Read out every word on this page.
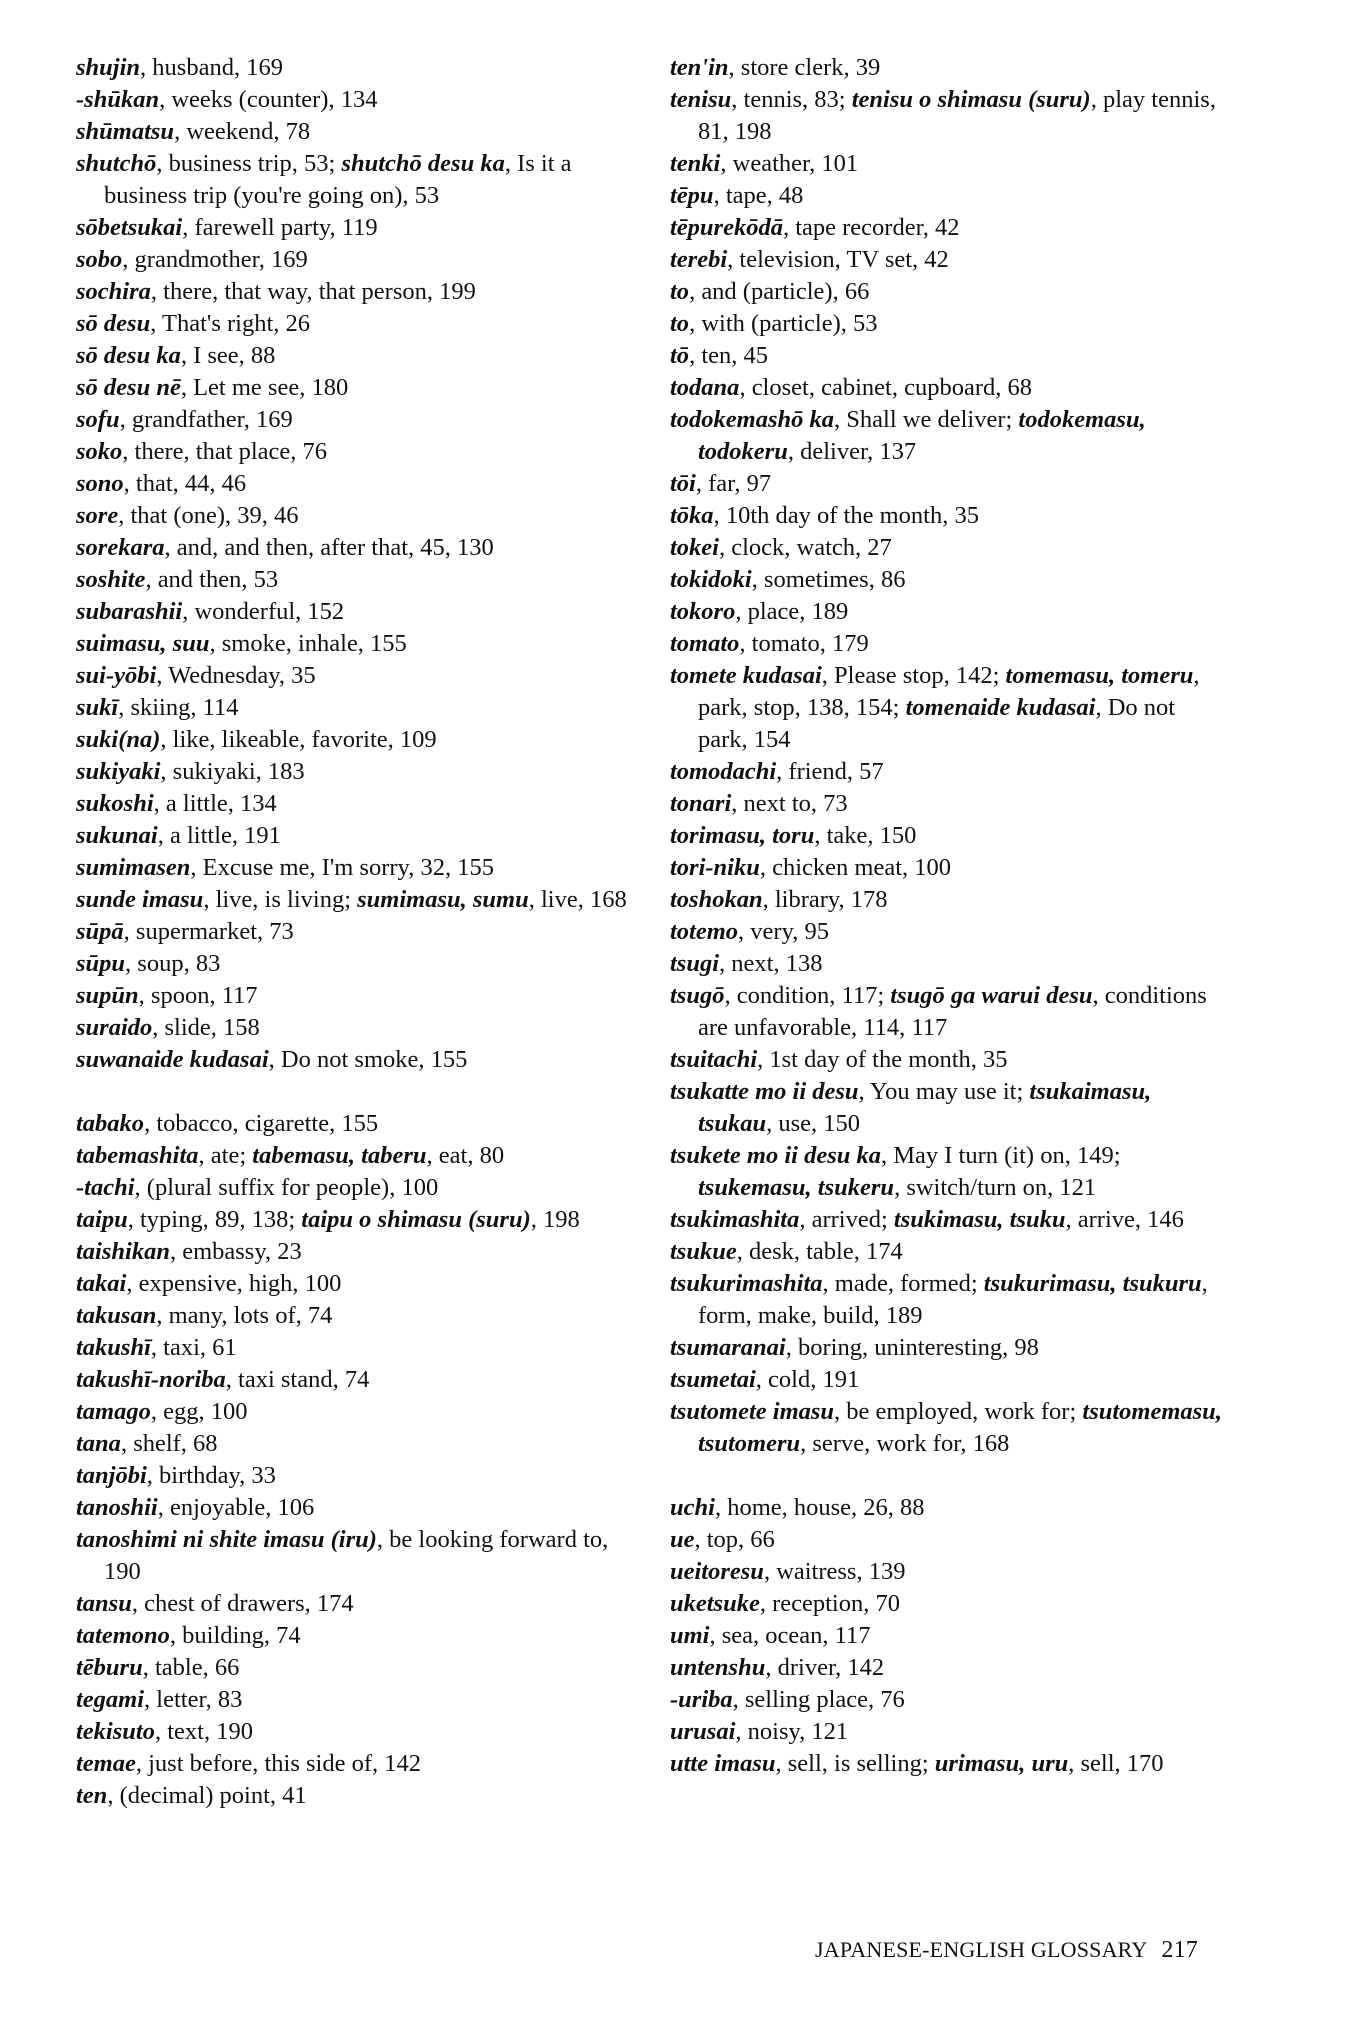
shujin, husband, 169

-shūkan, weeks (counter), 134

shūmatsu, weekend, 78

shutchō, business trip, 53; shutchō desu ka, Is it a business trip (you're going on), 53

sōbetsukai, farewell party, 119

sobo, grandmother, 169

sochira, there, that way, that person, 199

sō desu, That's right, 26

sō desu ka, I see, 88

sō desu nē, Let me see, 180

sofu, grandfather, 169

soko, there, that place, 76

sono, that, 44, 46

sore, that (one), 39, 46

sorekara, and, and then, after that, 45, 130

soshite, and then, 53

subarashii, wonderful, 152

suimasu, suu, smoke, inhale, 155

sui-yōbi, Wednesday, 35

sukī, skiing, 114

suki(na), like, likeable, favorite, 109

sukiyaki, sukiyaki, 183

sukoshi, a little, 134

sukunai, a little, 191

sumimasen, Excuse me, I'm sorry, 32, 155

sunde imasu, live, is living; sumimasu, sumu, live, 168

sūpā, supermarket, 73

sūpu, soup, 83

supūn, spoon, 117

suraido, slide, 158

suwanaide kudasai, Do not smoke, 155

tabako, tobacco, cigarette, 155

tabemashita, ate; tabemasu, taberu, eat, 80

-tachi, (plural suffix for people), 100

taipu, typing, 89, 138; taipu o shimasu (suru), 198

taishikan, embassy, 23

takai, expensive, high, 100

takusan, many, lots of, 74

takushī, taxi, 61

takushī-noriba, taxi stand, 74

tamago, egg, 100

tana, shelf, 68

tanjōbi, birthday, 33

tanoshii, enjoyable, 106

tanoshimi ni shite imasu (iru), be looking forward to, 190

tansu, chest of drawers, 174

tatemono, building, 74

tēburu, table, 66

tegami, letter, 83

tekisuto, text, 190

temae, just before, this side of, 142

ten, (decimal) point, 41

ten'in, store clerk, 39

tenisu, tennis, 83; tenisu o shimasu (suru), play tennis, 81, 198

tenki, weather, 101

tēpu, tape, 48

tēpurekōdā, tape recorder, 42

terebi, television, TV set, 42

to, and (particle), 66

to, with (particle), 53

tō, ten, 45

todana, closet, cabinet, cupboard, 68

todokemashō ka, Shall we deliver; todokemasu, todokeru, deliver, 137

tōi, far, 97

tōka, 10th day of the month, 35

tokei, clock, watch, 27

tokidoki, sometimes, 86

tokoro, place, 189

tomato, tomato, 179

tomete kudasai, Please stop, 142; tomemasu, tomeru, park, stop, 138, 154; tomenaide kudasai, Do not park, 154

tomodachi, friend, 57

tonari, next to, 73

torimasu, toru, take, 150

tori-niku, chicken meat, 100

toshokan, library, 178

totemo, very, 95

tsugi, next, 138

tsugō, condition, 117; tsugō ga warui desu, conditions are unfavorable, 114, 117

tsuitachi, 1st day of the month, 35

tsukatte mo ii desu, You may use it; tsukaimasu, tsukau, use, 150

tsukete mo ii desu ka, May I turn (it) on, 149; tsukemasu, tsukeru, switch/turn on, 121

tsukimashita, arrived; tsukimasu, tsuku, arrive, 146

tsukue, desk, table, 174

tsukurimashita, made, formed; tsukurimasu, tsukuru, form, make, build, 189

tsumaranai, boring, uninteresting, 98

tsumetai, cold, 191

tsutomete imasu, be employed, work for; tsutomemasu, tsutomeru, serve, work for, 168

uchi, home, house, 26, 88

ue, top, 66

ueitoresu, waitress, 139

uketsuke, reception, 70

umi, sea, ocean, 117

untenshu, driver, 142

-uriba, selling place, 76

urusai, noisy, 121

utte imasu, sell, is selling; urimasu, uru, sell, 170

JAPANESE-ENGLISH GLOSSARY 217
